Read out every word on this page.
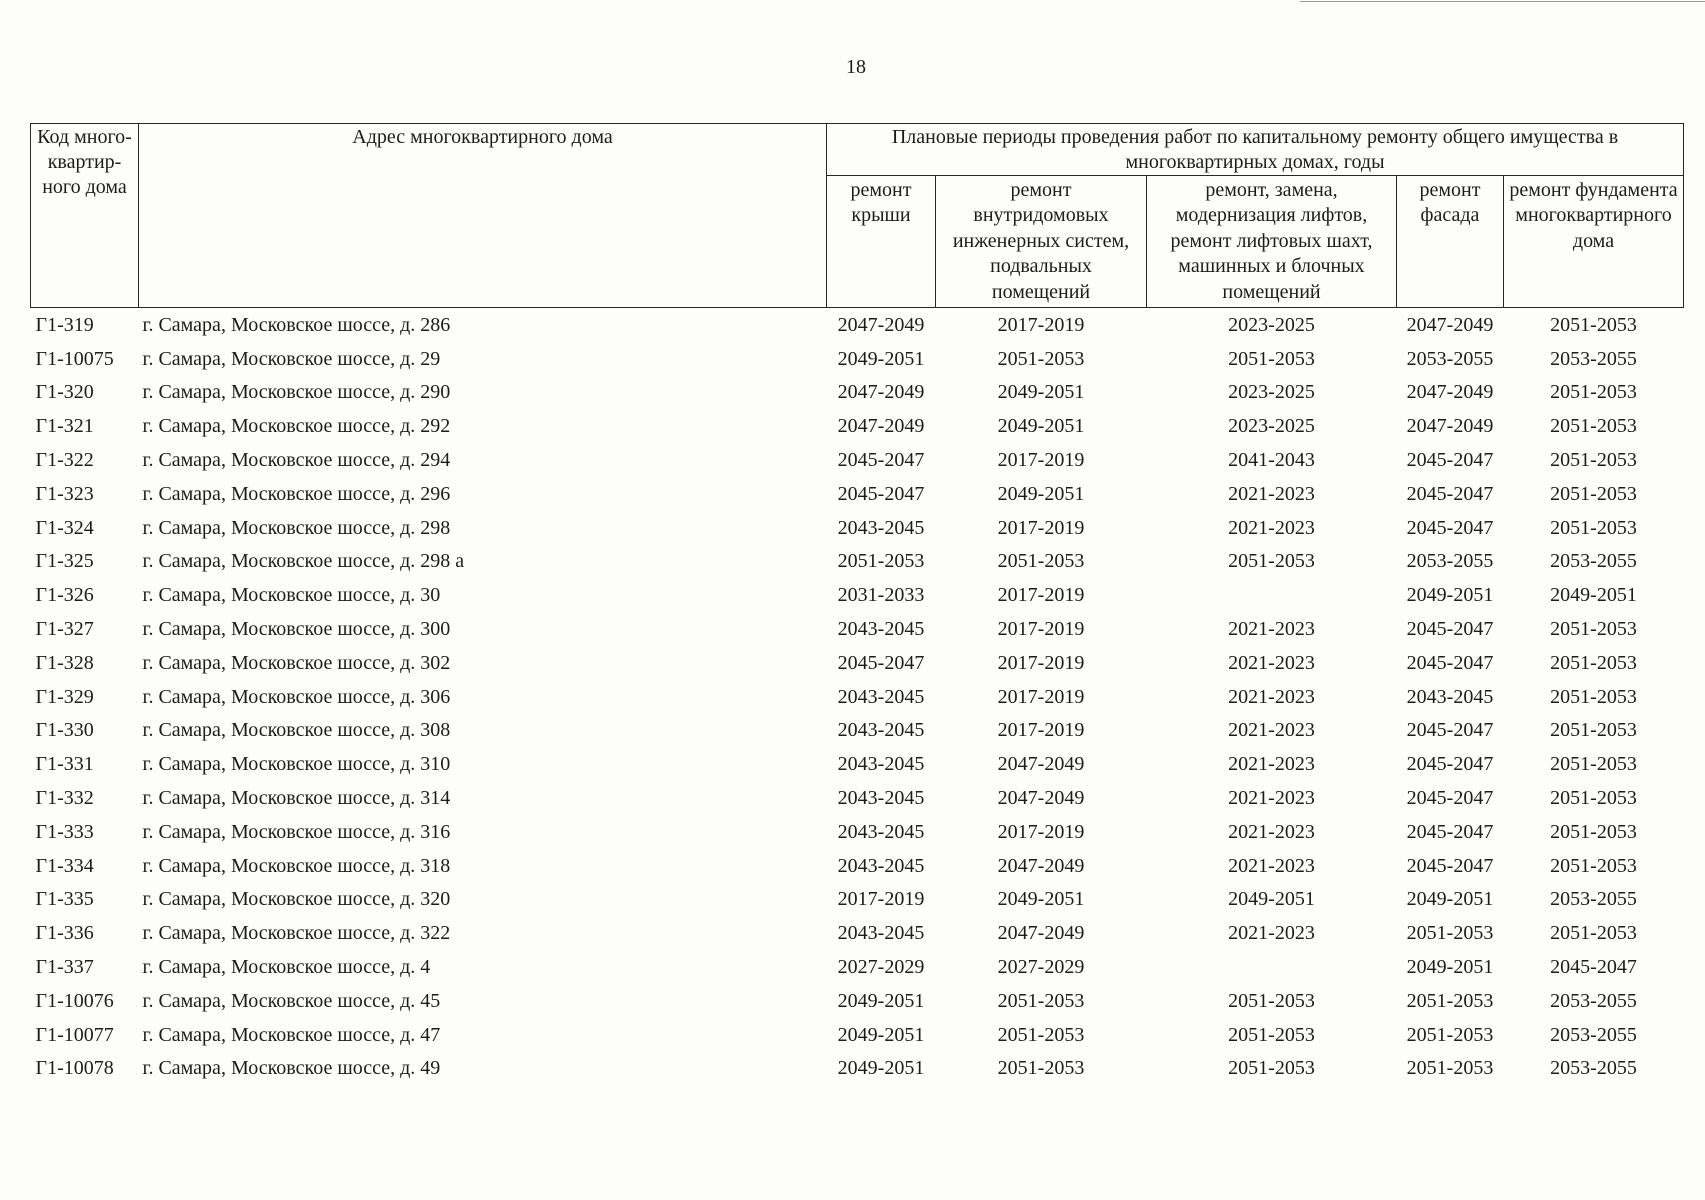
18
Код много-
квартир-
ного дома	Адрес многоквартирного дома	Плановые периоды проведения работ по капитальному ремонту общего имущества в
многоквартирных домах, годы				

		ремонт
крыши	ремонт
внутридомовых
инженерных систем,
подвальных
помещений	ремонт, замена,
модернизация лифтов,
ремонт лифтовых шахт,
машинных и блочных
помещений	ремонт
фасада	ремонт фундамента
многоквартирного
дома

Г1-319	г. Самара, Московское шоссе, д. 286	2047-2049	2017-2019	2023-2025	2047-2049	2051-2053
Г1-10075	г. Самара, Московское шоссе, д. 29	2049-2051	2051-2053	2051-2053	2053-2055	2053-2055
Г1-320	г. Самара, Московское шоссе, д. 290	2047-2049	2049-2051	2023-2025	2047-2049	2051-2053
Г1-321	г. Самара, Московское шоссе, д. 292	2047-2049	2049-2051	2023-2025	2047-2049	2051-2053
Г1-322	г. Самара, Московское шоссе, д. 294	2045-2047	2017-2019	2041-2043	2045-2047	2051-2053
Г1-323	г. Самара, Московское шоссе, д. 296	2045-2047	2049-2051	2021-2023	2045-2047	2051-2053
Г1-324	г. Самара, Московское шоссе, д. 298	2043-2045	2017-2019	2021-2023	2045-2047	2051-2053
Г1-325	г. Самара, Московское шоссе, д. 298 а	2051-2053	2051-2053	2051-2053	2053-2055	2053-2055
Г1-326	г. Самара, Московское шоссе, д. 30	2031-2033	2017-2019		2049-2051	2049-2051
Г1-327	г. Самара, Московское шоссе, д. 300	2043-2045	2017-2019	2021-2023	2045-2047	2051-2053
Г1-328	г. Самара, Московское шоссе, д. 302	2045-2047	2017-2019	2021-2023	2045-2047	2051-2053
Г1-329	г. Самара, Московское шоссе, д. 306	2043-2045	2017-2019	2021-2023	2043-2045	2051-2053
Г1-330	г. Самара, Московское шоссе, д. 308	2043-2045	2017-2019	2021-2023	2045-2047	2051-2053
Г1-331	г. Самара, Московское шоссе, д. 310	2043-2045	2047-2049	2021-2023	2045-2047	2051-2053
Г1-332	г. Самара, Московское шоссе, д. 314	2043-2045	2047-2049	2021-2023	2045-2047	2051-2053
Г1-333	г. Самара, Московское шоссе, д. 316	2043-2045	2017-2019	2021-2023	2045-2047	2051-2053
Г1-334	г. Самара, Московское шоссе, д. 318	2043-2045	2047-2049	2021-2023	2045-2047	2051-2053
Г1-335	г. Самара, Московское шоссе, д. 320	2017-2019	2049-2051	2049-2051	2049-2051	2053-2055
Г1-336	г. Самара, Московское шоссе, д. 322	2043-2045	2047-2049	2021-2023	2051-2053	2051-2053
Г1-337	г. Самара, Московское шоссе, д. 4	2027-2029	2027-2029		2049-2051	2045-2047
Г1-10076	г. Самара, Московское шоссе, д. 45	2049-2051	2051-2053	2051-2053	2051-2053	2053-2055
Г1-10077	г. Самара, Московское шоссе, д. 47	2049-2051	2051-2053	2051-2053	2051-2053	2053-2055
Г1-10078	г. Самара, Московское шоссе, д. 49	2049-2051	2051-2053	2051-2053	2051-2053	2053-2055
